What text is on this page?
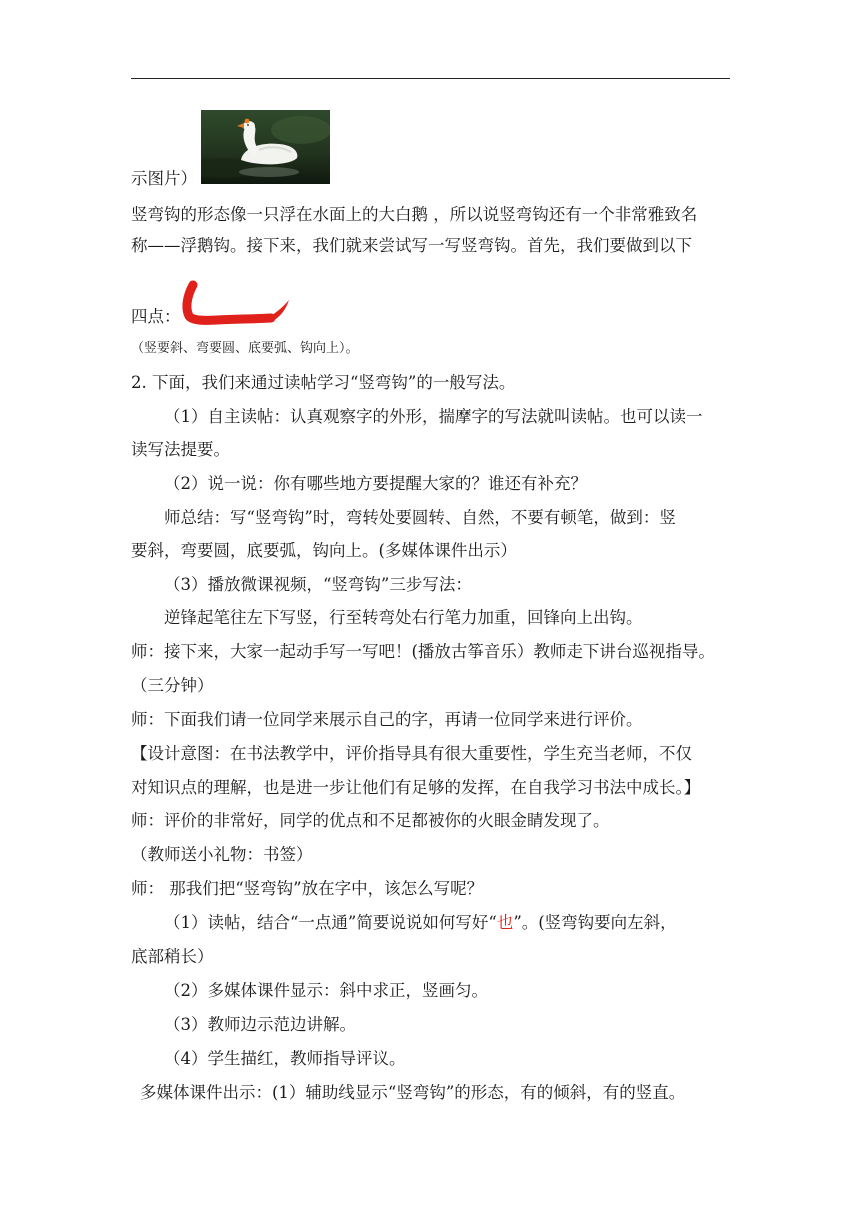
示图片）
竖弯钩的形态像一只浮在水面上的大白鹅 ，所以说竖弯钩还有一个非常雅致名
称——浮鹅钩。接下来，我们就来尝试写一写竖弯钩。首先，我们要做到以下
四点：
（竖要斜、弯要圆、底要弧、钩向上）。
2. 下面，我们来通过读帖学习“竖弯钩”的一般写法。
（1）自主读帖：认真观察字的外形，揣摩字的写法就叫读帖。也可以读一
读写法提要。
（2）说一说：你有哪些地方要提醒大家的？谁还有补充？
师总结：写“竖弯钩”时，弯转处要圆转、自然，不要有顿笔，做到：竖
要斜，弯要圆，底要弧，钩向上。(多媒体课件出示）
（3）播放微课视频，“竖弯钩”三步写法：
逆锋起笔往左下写竖，行至转弯处右行笔力加重，回锋向上出钩。
师：接下来，大家一起动手写一写吧！(播放古筝音乐）教师走下讲台巡视指导。
（三分钟）
师：下面我们请一位同学来展示自己的字，再请一位同学来进行评价。
【设计意图：在书法教学中，评价指导具有很大重要性，学生充当老师，不仅
对知识点的理解，也是进一步让他们有足够的发挥，在自我学习书法中成长。】
师：评价的非常好，同学的优点和不足都被你的火眼金睛发现了。
（教师送小礼物：书签）
师： 那我们把“竖弯钩”放在字中，该怎么写呢？
（1）读帖，结合“一点通”简要说说如何写好“也”。(竖弯钩要向左斜，
底部稍长）
（2）多媒体课件显示：斜中求正，竖画匀。
（3）教师边示范边讲解。
（4）学生描红，教师指导评议。
多媒体课件出示：(1）辅助线显示“竖弯钩”的形态，有的倾斜，有的竖直。
